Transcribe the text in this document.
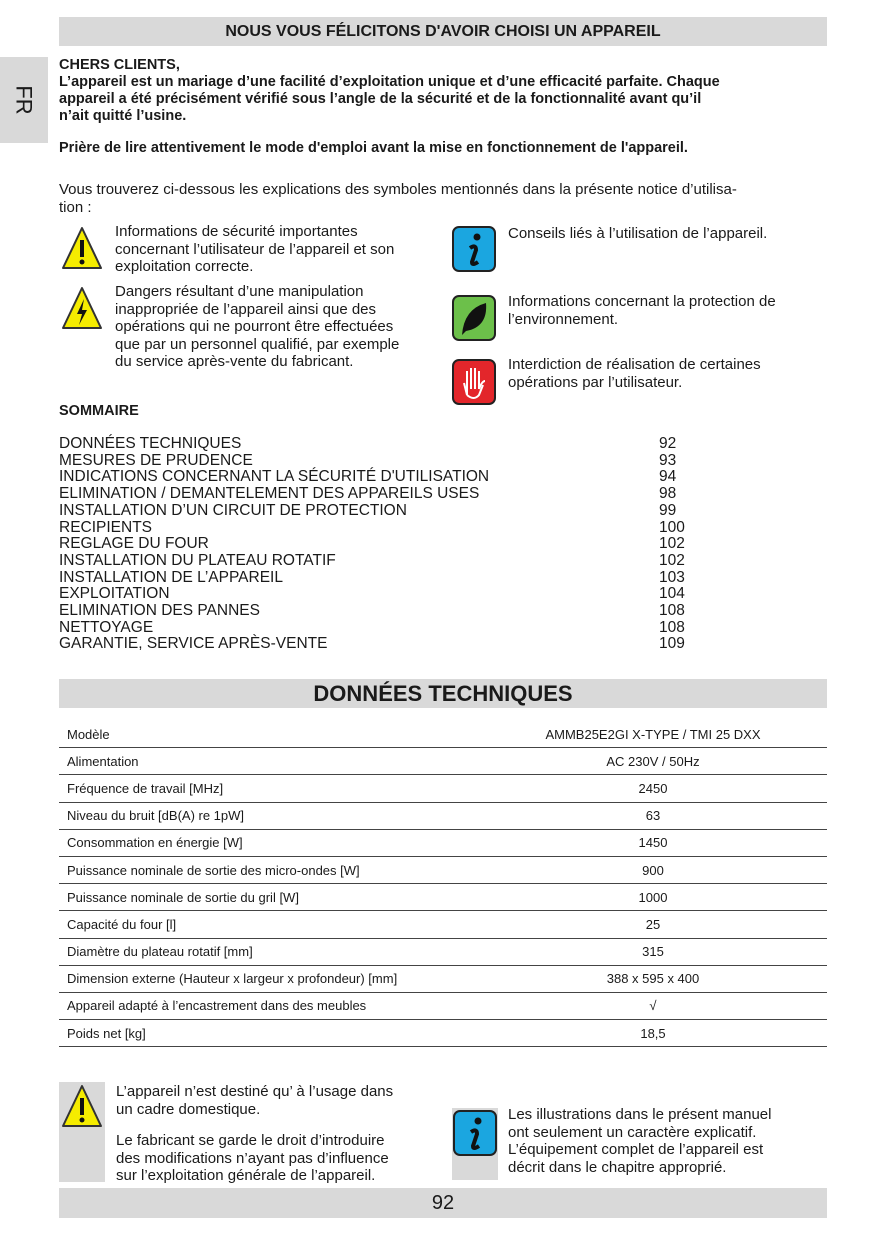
NOUS VOUS FÉLICITONS D'AVOIR CHOISI UN APPAREIL
FR
CHERS CLIENTS,
L’appareil est un mariage d’une facilité d’exploitation unique et d’une efficacité parfaite. Chaque
appareil a été précisément vérifié sous l’angle de la sécurité et de la fonctionnalité avant qu’il
n’ait quitté l’usine.
Prière de lire attentivement le mode d'emploi avant la mise en fonctionnement de l'appareil.
Vous trouverez ci-dessous les explications des symboles mentionnés dans la présente notice d’utilisa-
tion :
Informations de sécurité importantes
concernant l’utilisateur de l’appareil et son
exploitation correcte.
Dangers résultant d’une manipulation
inappropriée de l’appareil ainsi que des
opérations qui ne pourront être effectuées
que par un personnel qualifié, par exemple
du service après-vente du fabricant.
Conseils liés à l’utilisation de l’appareil.
Informations concernant la protection de
l’environnement.
Interdiction de réalisation de certaines
opérations par l’utilisateur.
SOMMAIRE
DONNÉES TECHNIQUES	92
MESURES DE PRUDENCE	93
INDICATIONS CONCERNANT LA SÉCURITÉ D'UTILISATION	94
ELIMINATION / DEMANTELEMENT DES APPAREILS USES	98
INSTALLATION D’UN CIRCUIT DE PROTECTION	99
RECIPIENTS	100
REGLAGE DU FOUR	102
INSTALLATION DU PLATEAU ROTATIF	102
INSTALLATION DE L’APPAREIL	103
EXPLOITATION	104
ELIMINATION DES PANNES	108
NETTOYAGE	108
GARANTIE, SERVICE APRÈS-VENTE	109
DONNÉES TECHNIQUES
Modèle	AMMB25E2GI X-TYPE / TMI 25 DXX
Alimentation	AC 230V / 50Hz
Fréquence de travail [MHz]	2450
Niveau du bruit [dB(A) re 1pW]	63
Consommation en énergie [W]	1450
Puissance nominale de sortie des micro-ondes [W]	900
Puissance nominale de sortie du gril [W]	1000
Capacité du four [l]	25
Diamètre du plateau rotatif [mm]	315
Dimension externe (Hauteur x largeur x profondeur) [mm]	388 x 595 x 400
Appareil adapté à l’encastrement dans des meubles	√
Poids net [kg]	18,5
L’appareil n’est destiné qu’ à l’usage dans
un cadre domestique.
Le fabricant se garde le droit d’introduire
des modifications n’ayant pas d’influence
sur l’exploitation générale de l’appareil.
Les illustrations dans le présent manuel
ont seulement un caractère explicatif.
L’équipement complet de l’appareil est
décrit dans le chapitre approprié.
92
